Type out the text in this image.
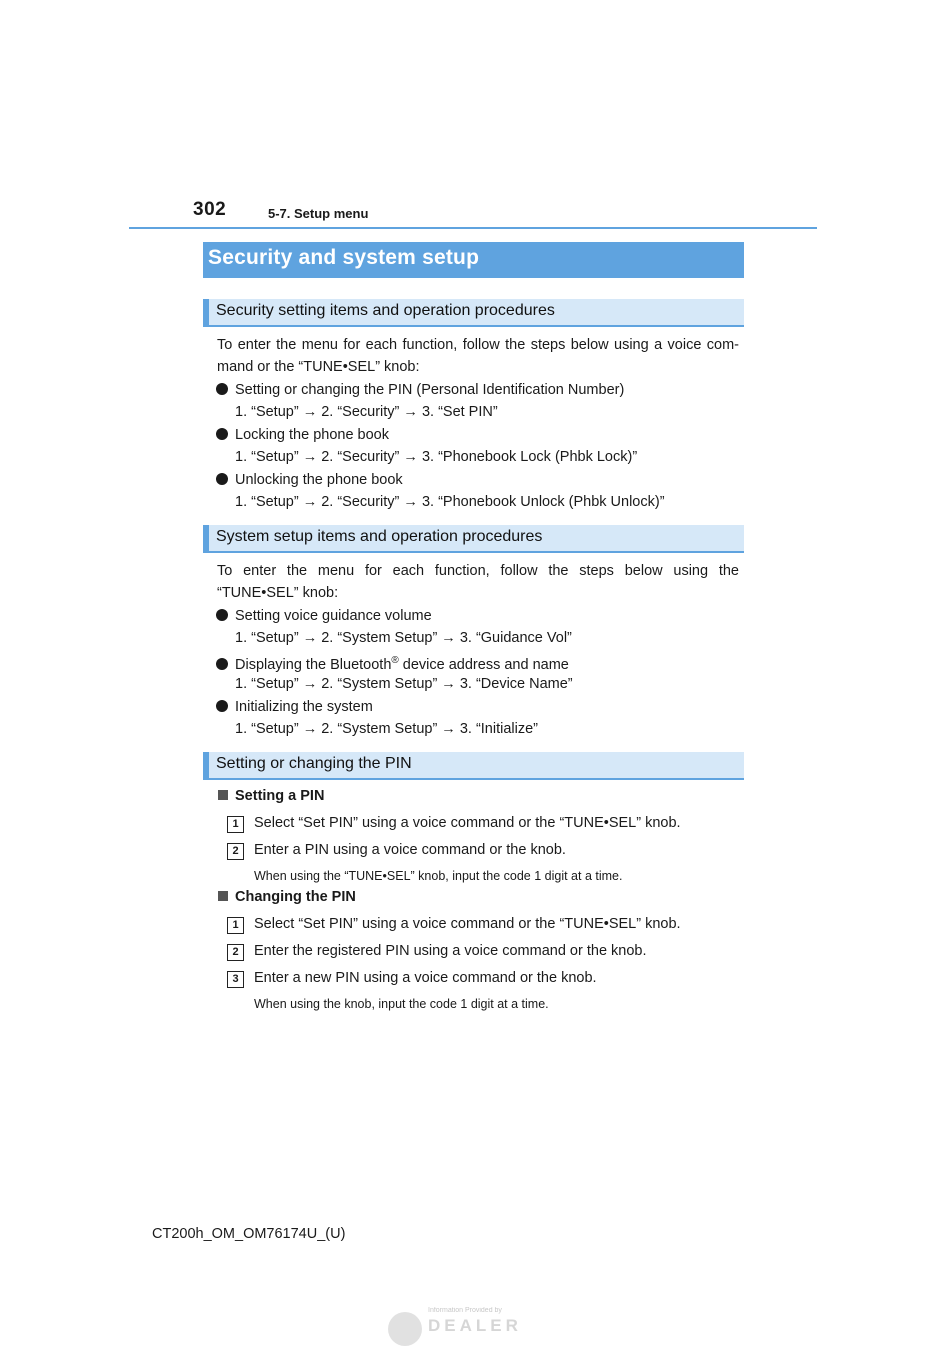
302	5-7. Setup menu
Security and system setup
Security setting items and operation procedures
To enter the menu for each function, follow the steps below using a voice com-
mand or the “TUNE•SEL” knob:
Setting or changing the PIN (Personal Identification Number)
1. “Setup” → 2. “Security” → 3. “Set PIN”
Locking the phone book
1. “Setup” → 2. “Security” → 3. “Phonebook Lock (Phbk Lock)”
Unlocking the phone book
1. “Setup” → 2. “Security” → 3. “Phonebook Unlock (Phbk Unlock)”
System setup items and operation procedures
To enter the menu for each function, follow the steps below using the
“TUNE•SEL” knob:
Setting voice guidance volume
1. “Setup” → 2. “System Setup” → 3. “Guidance Vol”
Displaying the Bluetooth® device address and name
1. “Setup” → 2. “System Setup” → 3. “Device Name”
Initializing the system
1. “Setup” → 2. “System Setup” → 3. “Initialize”
Setting or changing the PIN
Setting a PIN
1	Select “Set PIN” using a voice command or the “TUNE•SEL” knob.
2	Enter a PIN using a voice command or the knob.
When using the “TUNE•SEL” knob, input the code 1 digit at a time.
Changing the PIN
1	Select “Set PIN” using a voice command or the “TUNE•SEL” knob.
2	Enter the registered PIN using a voice command or the knob.
3	Enter a new PIN using a voice command or the knob.
When using the knob, input the code 1 digit at a time.
CT200h_OM_OM76174U_(U)
Information Provided by
DEALER
